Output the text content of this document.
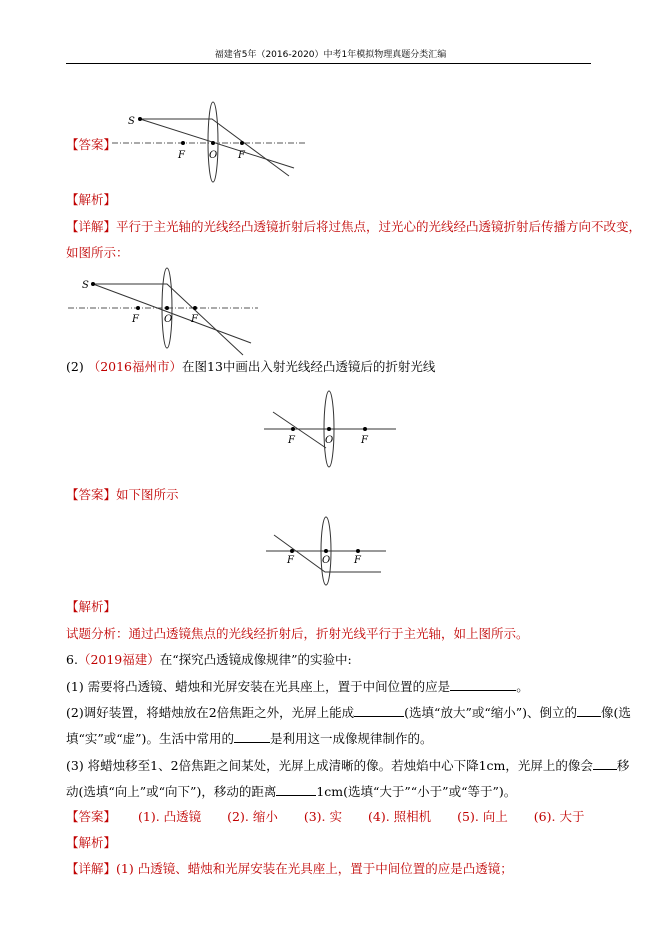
福建省5年（2016-2020）中考1年模拟物理真题分类汇编
【答案】
S
F O F
【解析】
【详解】平行于主光轴的光线经凸透镜折射后将过焦点，过光心的光线经凸透镜折射后传播方向不改变，
如图所示：
S
F	O F
(2) （2016福州市）在图13中画出入射光线经凸透镜后的折射光线
F	O	F
【答案】如下图所示
F	O F
【解析】
试题分析：通过凸透镜焦点的光线经折射后，折射光线平行于主光轴，如上图所示。
6.（2019福建）在“探究凸透镜成像规律”的实验中:
(1) 需要将凸透镜、蜡烛和光屏安装在光具座上，置于中间位置的应是	。
(2)调好装置，将蜡烛放在2倍焦距之外，光屏上能成	(选填“放大”或“缩小”)、倒立的 像(选
填“实”或“虚”)。生活中常用的	是利用这一成像规律制作的。
(3) 将蜡烛移至1、2倍焦距之间某处，光屏上成清晰的像。若烛焰中心下降1cm，光屏上的像会 移
动(选填“向上”或“向下”)，移动的距离	1cm(选填“大于”“小于”或“等于”)。
【答案】 (1). 凸透镜 (2). 缩小 (3). 实 (4). 照相机 (5). 向上 (6). 大于
【解析】
【详解】(1) 凸透镜、蜡烛和光屏安装在光具座上，置于中间位置的应是凸透镜；
